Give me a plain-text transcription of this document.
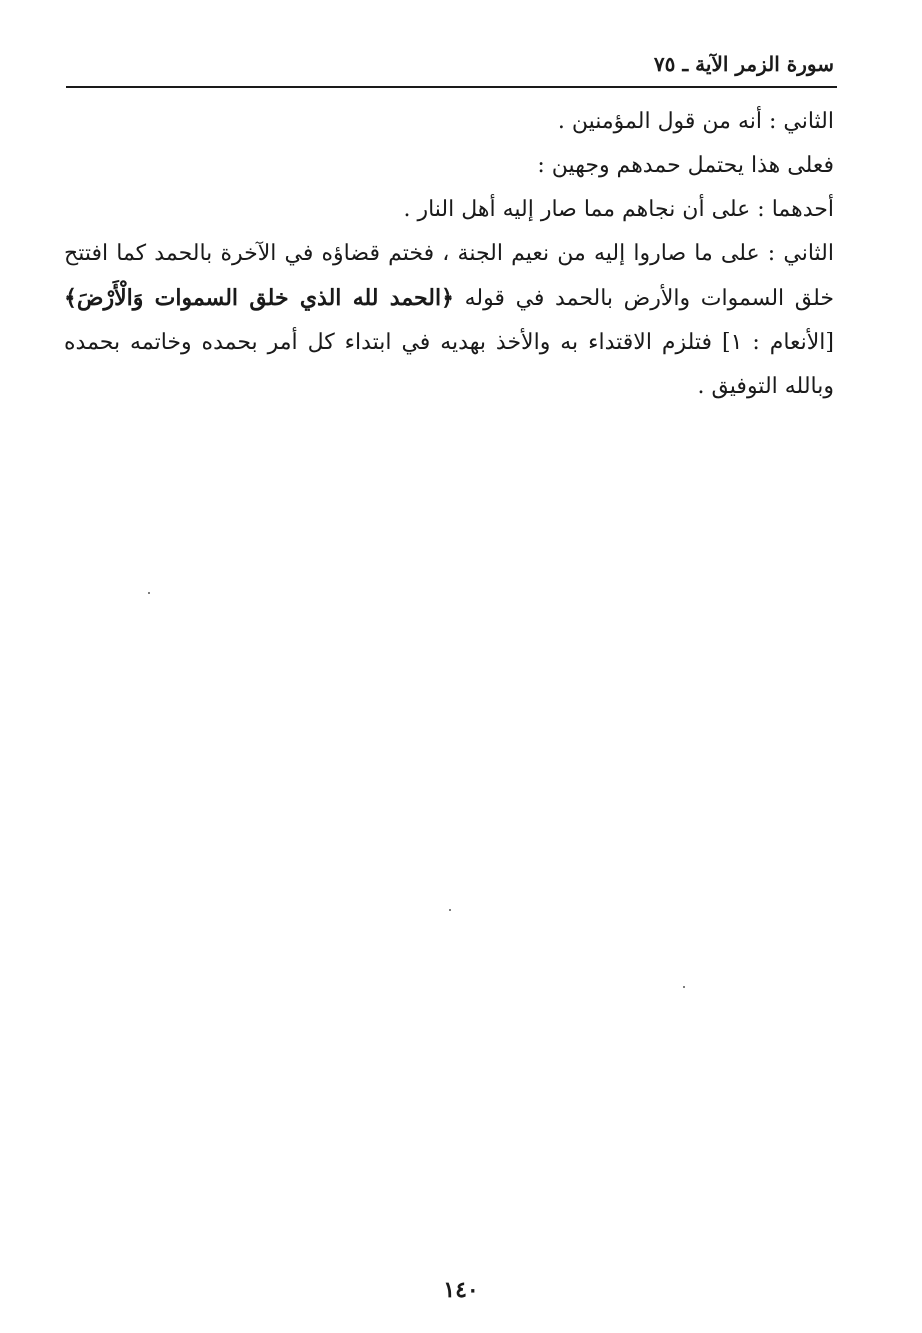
سورة الزمر الآية ـ ٧٥

الثاني : أنه من قول المؤمنين .

فعلى هذا يحتمل حمدهم وجهين :

أحدهما : على أن نجاهم مما صار إليه أهل النار .

الثاني : على ما صاروا إليه من نعيم الجنة ، فختم قضاؤه في الآخرة بالحمد كما افتتح خلق السموات والأرض بالحمد في قوله ﴿الحمد لله الذي خلق السموات وَالْأَرْضَ﴾ [الأنعام : ١] فتلزم الاقتداء به والأخذ بهديه في ابتداء كل أمر بحمده وخاتمه بحمده وبالله التوفيق .

١٤٠
